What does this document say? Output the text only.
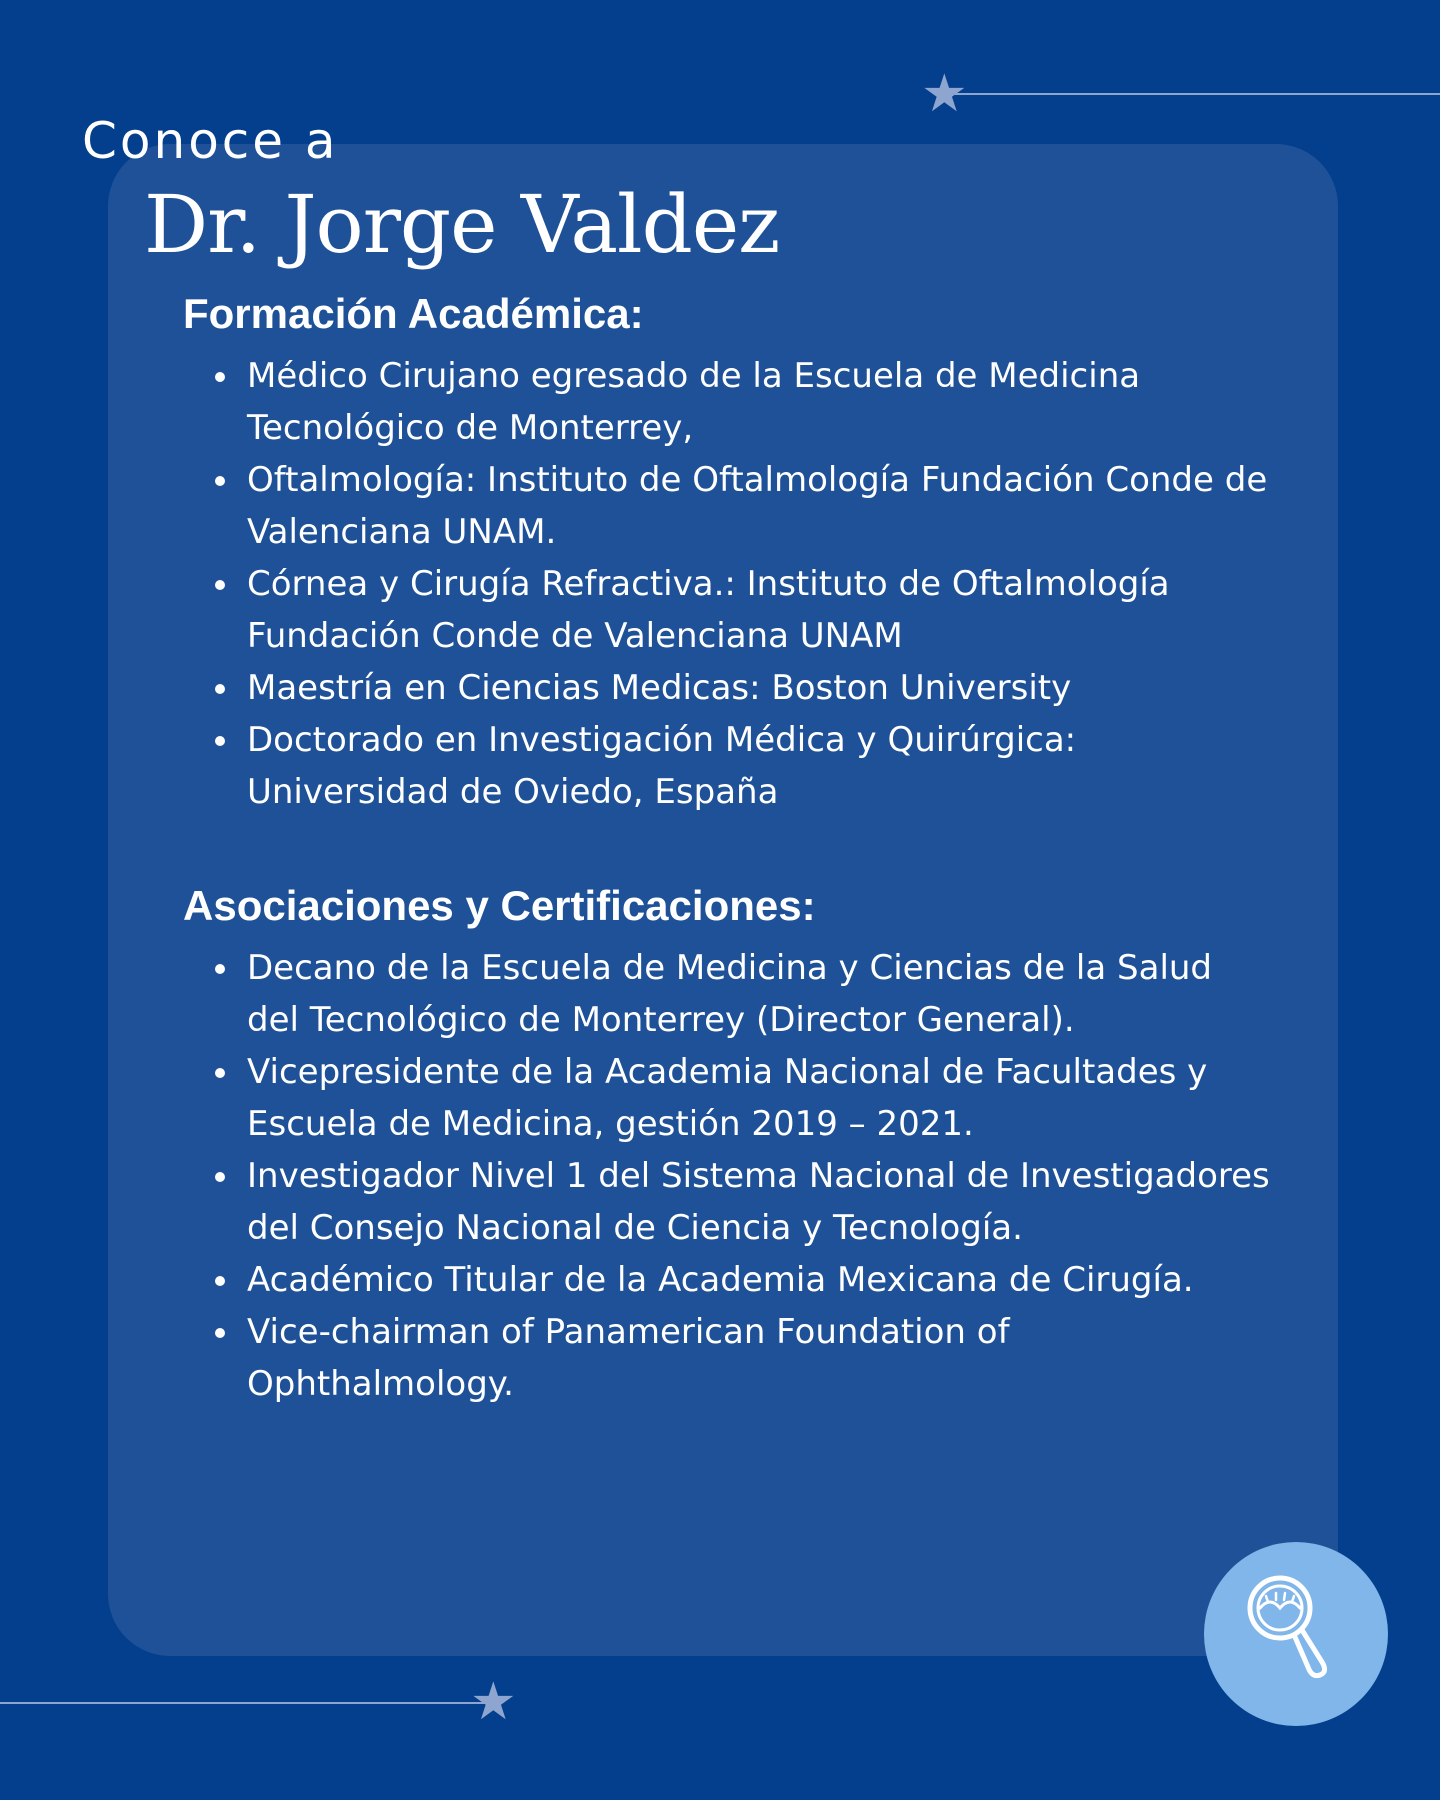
★
★
Conoce a
Dr. Jorge Valdez
Formación Académica:
Médico Cirujano egresado de la Escuela de Medicina Tecnológico de Monterrey,
Oftalmología: Instituto de Oftalmología Fundación Conde de Valenciana UNAM.
Córnea y Cirugía Refractiva.: Instituto de Oftalmología Fundación Conde de Valenciana UNAM
Maestría en Ciencias Medicas: Boston University
Doctorado en Investigación Médica y Quirúrgica: Universidad de Oviedo, España
Asociaciones y Certificaciones:
Decano de la Escuela de Medicina y Ciencias de la Salud del Tecnológico de Monterrey (Director General).
Vicepresidente de la Academia Nacional de Facultades y Escuela de Medicina, gestión 2019 – 2021.
Investigador Nivel 1 del Sistema Nacional de Investigadores del Consejo Nacional de Ciencia y Tecnología.
Académico Titular de la Academia Mexicana de Cirugía.
Vice-chairman of Panamerican Foundation of Ophthalmology.
